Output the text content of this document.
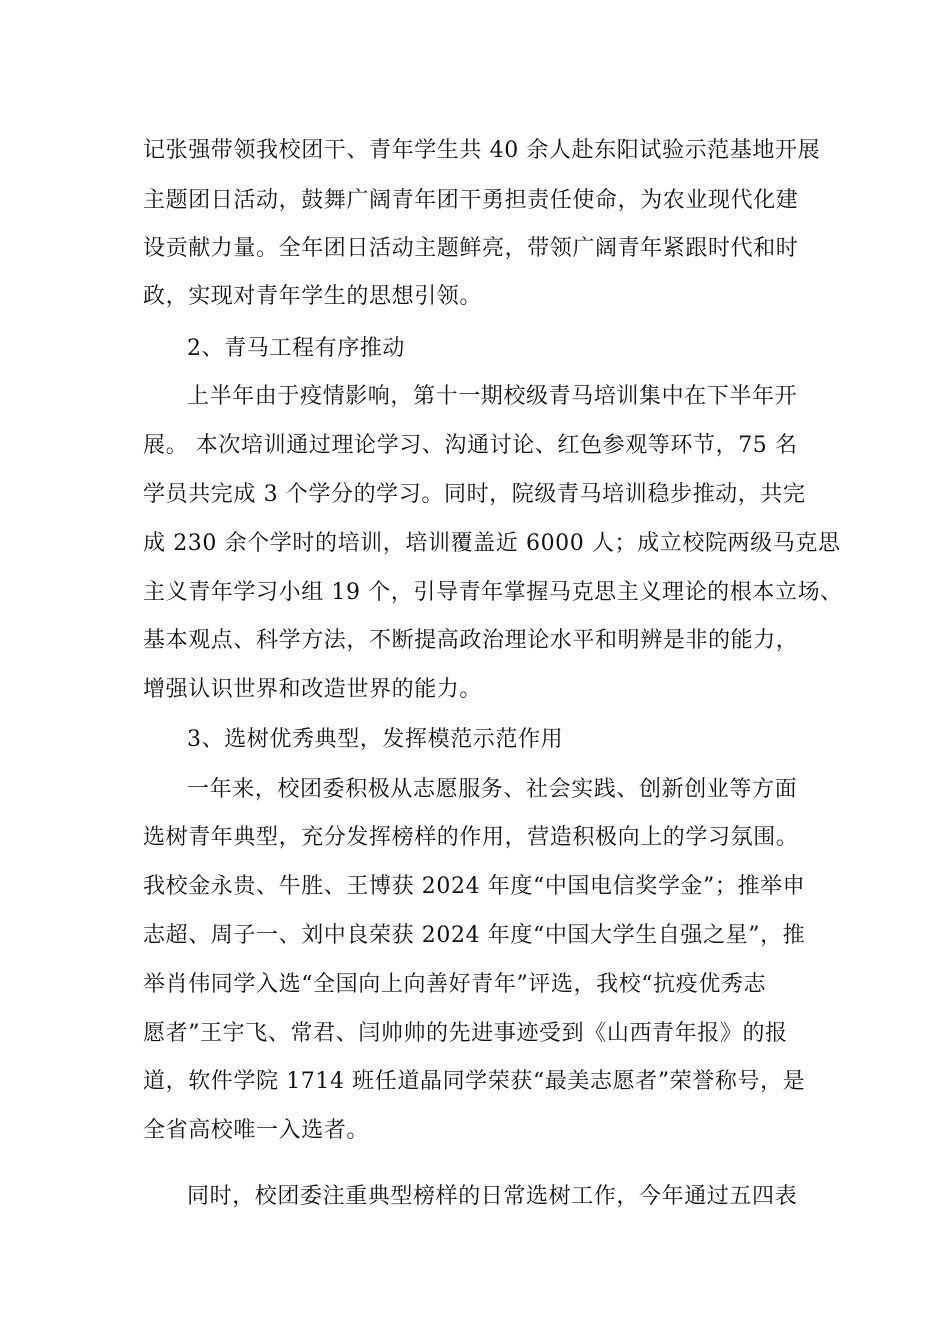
记张强带领我校团干、青年学生共 40 余人赴东阳试验示范基地开展
主题团日活动，鼓舞广阔青年团干勇担责任使命，为农业现代化建
设贡献力量。全年团日活动主题鲜亮，带领广阔青年紧跟时代和时
政，实现对青年学生的思想引领。
2、青马工程有序推动
上半年由于疫情影响，第十一期校级青马培训集中在下半年开
展。 本次培训通过理论学习、沟通讨论、红色参观等环节，75 名
学员共完成 3 个学分的学习。同时，院级青马培训稳步推动，共完
成 230 余个学时的培训，培训覆盖近 6000 人；成立校院两级马克思
主义青年学习小组 19 个，引导青年掌握马克思主义理论的根本立场、
基本观点、科学方法，不断提高政治理论水平和明辨是非的能力，
增强认识世界和改造世界的能力。
3、选树优秀典型，发挥模范示范作用
一年来，校团委积极从志愿服务、社会实践、创新创业等方面
选树青年典型，充分发挥榜样的作用，营造积极向上的学习氛围。
我校金永贵、牛胜、王博获 2024 年度“中国电信奖学金”；推举申
志超、周子一、刘中良荣获 2024 年度“中国大学生自强之星”，推
举肖伟同学入选“全国向上向善好青年”评选，我校“抗疫优秀志
愿者”王宇飞、常君、闫帅帅的先进事迹受到《山西青年报》的报
道，软件学院 1714 班任道晶同学荣获“最美志愿者”荣誉称号，是
全省高校唯一入选者。
同时，校团委注重典型榜样的日常选树工作，今年通过五四表
